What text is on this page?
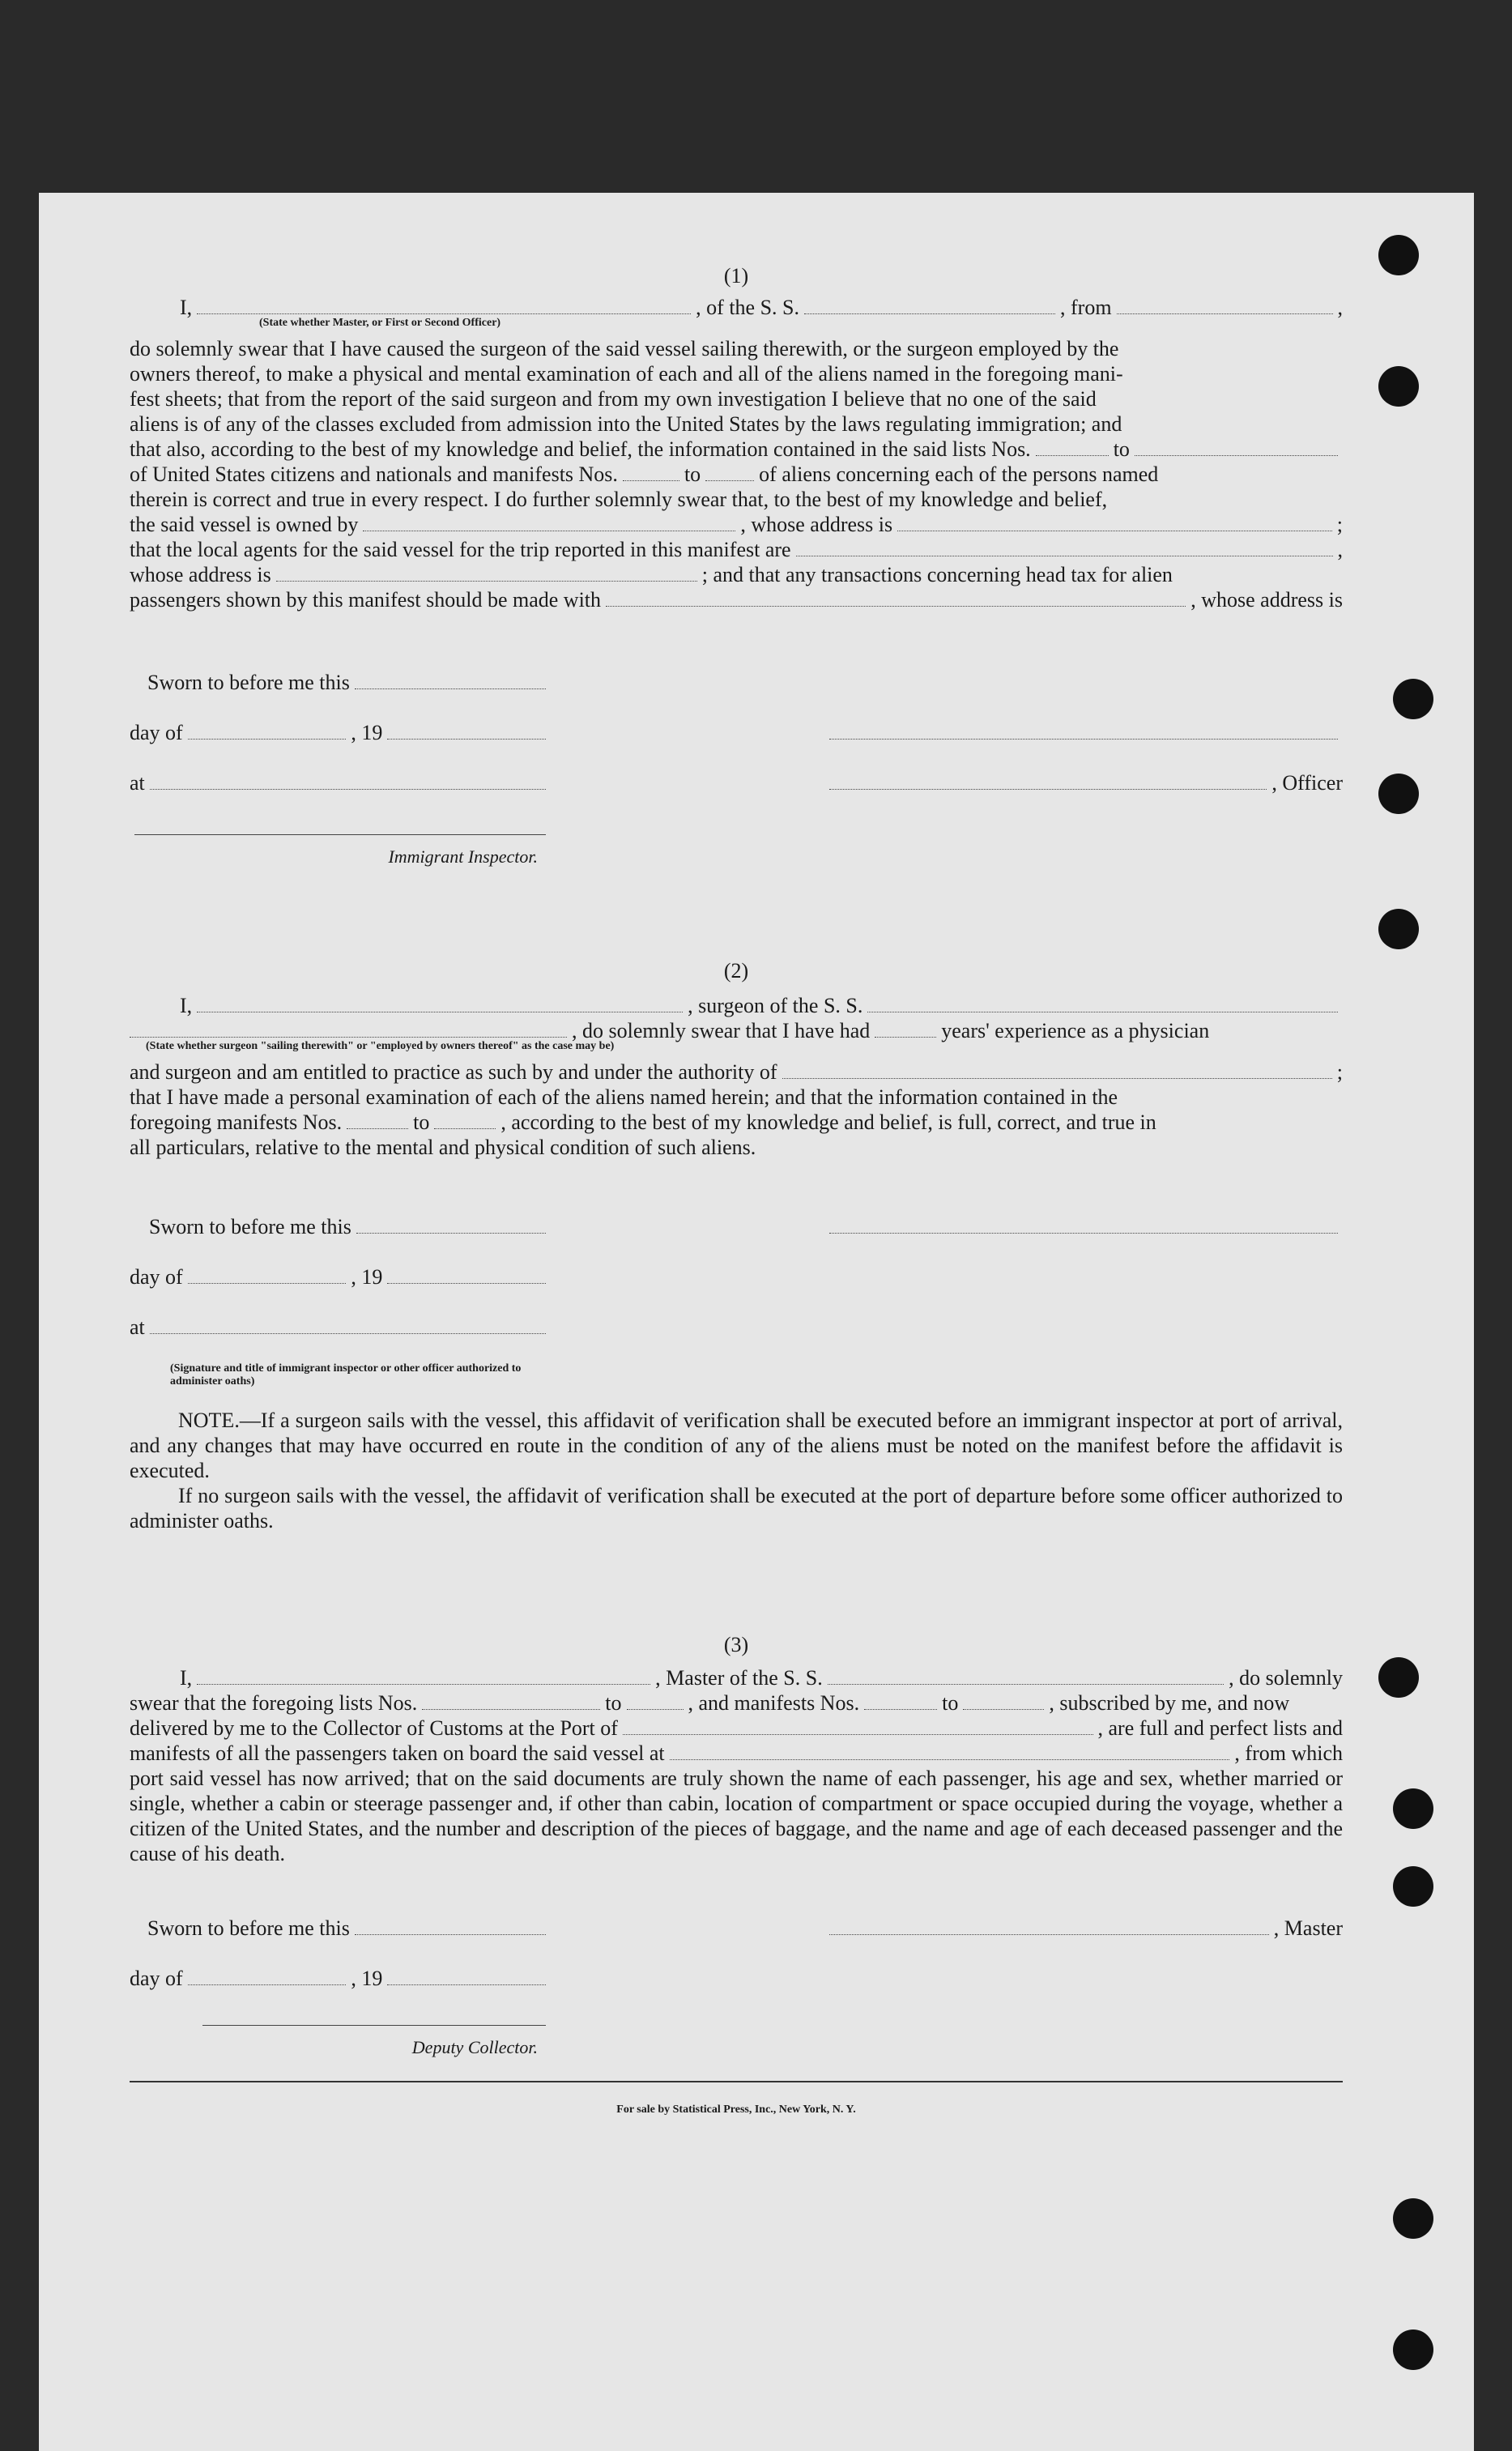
(1)
I,	, of the S. S.	, from	,
(State whether Master, or First or Second Officer)

do solemnly swear that I have caused the surgeon of the said vessel sailing therewith, or the surgeon employed by the

owners thereof, to make a physical and mental examination of each and all of the aliens named in the foregoing mani-

fest sheets; that from the report of the said surgeon and from my own investigation I believe that no one of the said

aliens is of any of the classes excluded from admission into the United States by the laws regulating immigration; and

that also, according to the best of my knowledge and belief, the information contained in the said lists Nos.	to
of United States citizens and nationals and manifests Nos.	to	of aliens concerning each of the persons named

therein is correct and true in every respect. I do further solemnly swear that, to the best of my knowledge and belief,

the said vessel is owned by	, whose address is	;
that the local agents for the said vessel for the trip reported in this manifest are	,
whose address is	; and that any transactions concerning head tax for alien
passengers shown by this manifest should be made with	, whose address is
Sworn to before me this
day of	, 19
at
Immigrant Inspector.
, Officer
(2)
I,	, surgeon of the S. S.
, do solemnly swear that I have had	years' experience as a physician
(State whether surgeon "sailing therewith" or "employed by owners thereof" as the case may be)
and surgeon and am entitled to practice as such by and under the authority of	;

that I have made a personal examination of each of the aliens named herein; and that the information contained in the

foregoing manifests Nos.	to	, according to the best of my knowledge and belief, is full, correct, and true in

all particulars, relative to the mental and physical condition of such aliens.

Sworn to before me this
day of	, 19
at
(Signature and title of immigrant inspector or other officer authorized to administer oaths)

NOTE.—If a surgeon sails with the vessel, this affidavit of verification shall be executed before an immigrant inspector at port of arrival, and any changes that may have occurred en route in the condition of any of the aliens must be noted on the manifest before the affidavit is executed.

If no surgeon sails with the vessel, the affidavit of verification shall be executed at the port of departure before some officer authorized to administer oaths.

(3)
I,	, Master of the S. S.	, do solemnly
swear that the foregoing lists Nos.	to	, and manifests Nos.	to	, subscribed by me, and now
delivered by me to the Collector of Customs at the Port of	, are full and perfect lists and
manifests of all the passengers taken on board the said vessel at	, from which

port said vessel has now arrived; that on the said documents are truly shown the name of each passenger, his age and sex, whether married or single, whether a cabin or steerage passenger and, if other than cabin, location of compartment or space occupied during the voyage, whether a citizen of the United States, and the number and description of the pieces of baggage, and the name and age of each deceased passenger and the cause of his death.

Sworn to before me this
day of	, 19
Deputy Collector.
, Master
For sale by Statistical Press, Inc., New York, N. Y.
